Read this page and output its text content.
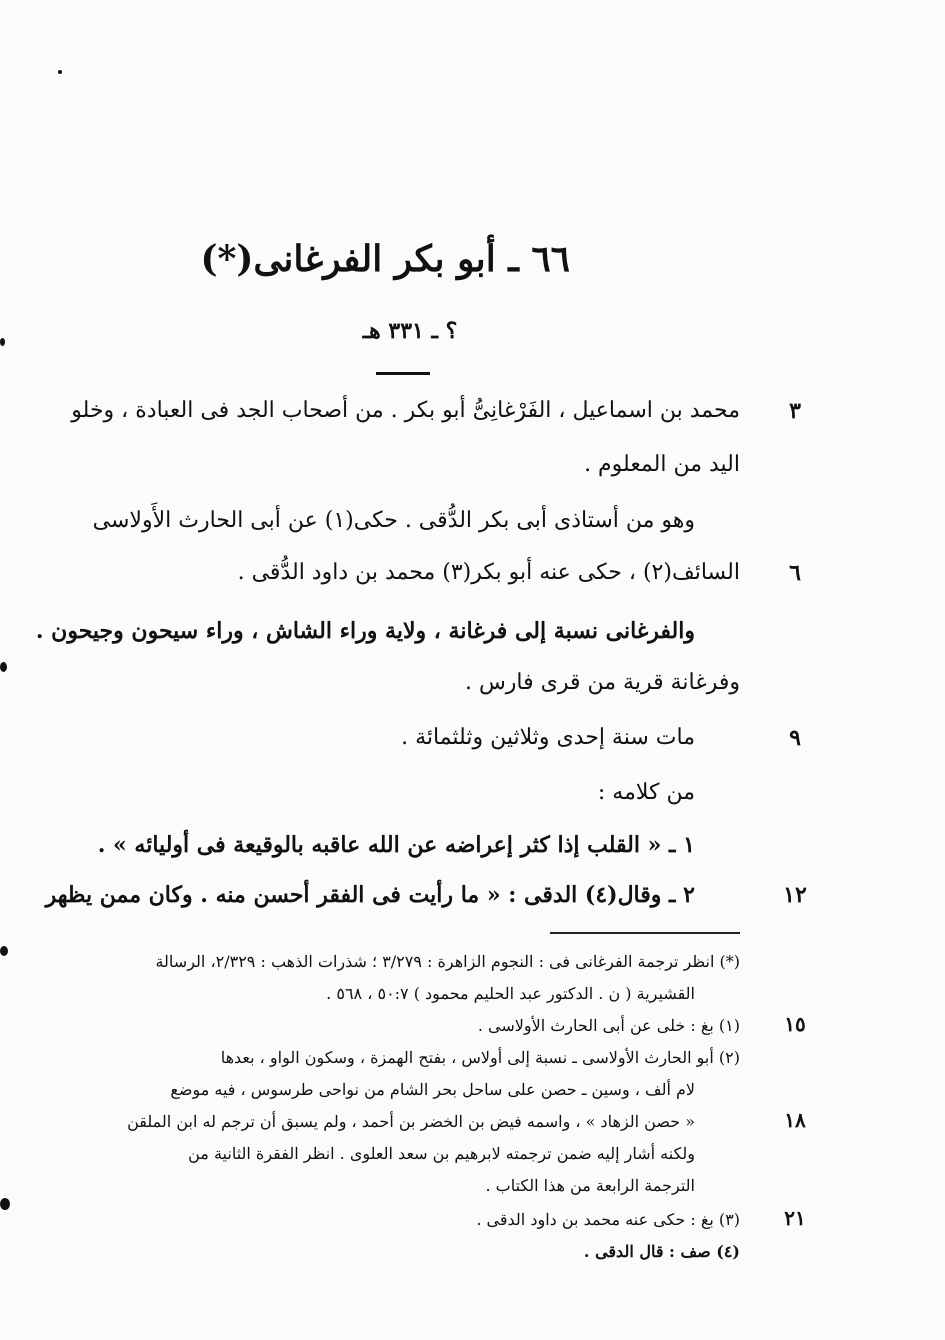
٦٦ ـ أبو بكر الفرغانى(*)
؟ ـ ٣٣١ هـ
محمد بن اسماعيل ، الفَرْغانِىُّ أبو بكر . من أصحاب الجد فى العبادة ، وخلو	٣
اليد من المعلوم .
وهو من أستاذى أبى بكر الدُّقى . حكى(١) عن أبى الحارث الأَولاسى
السائف(٢) ، حكى عنه أبو بكر(٣) محمد بن داود الدُّقى .	٦
والفرغانى نسبة إلى فرغانة ، ولاية وراء الشاش ، وراء سيحون وجيحون .
وفرغانة قرية من قرى فارس .
مات سنة إحدى وثلاثين وثلثمائة .	٩
من كلامه :
١ ـ « القلب إذا كثر إعراضه عن الله عاقبه بالوقيعة فى أوليائه » .
٢ ـ وقال(٤) الدقى : « ما رأيت فى الفقر أحسن منه . وكان ممن يظهر	١٢
(*) انظر ترجمة الفرغانى فى : النجوم الزاهرة : ٣/٢٧٩ ؛ شذرات الذهب : ٢/٣٢٩، الرسالة
القشيرية ( ن . الدكتور عبد الحليم محمود ) ٥٠:٧ ، ٥٦٨ .
(١) بغ : خلى عن أبى الحارث الأولاسى .	١٥
(٢) أبو الحارث الأولاسى ـ نسبة إلى أولاس ، بفتح الهمزة ، وسكون الواو ، بعدها
لام ألف ، وسين ـ حصن على ساحل بحر الشام من نواحى طرسوس ، فيه موضع
« حصن الزهاد » ، واسمه فيض بن الخضر بن أحمد ، ولم يسبق أن ترجم له ابن الملقن	١٨
ولكنه أشار إليه ضمن ترجمته لابرهيم بن سعد العلوى . انظر الفقرة الثانية من
الترجمة الرابعة من هذا الكتاب .
(٣) بغ : حكى عنه محمد بن داود الدقى .	٢١
(٤) صف : قال الدقى .
